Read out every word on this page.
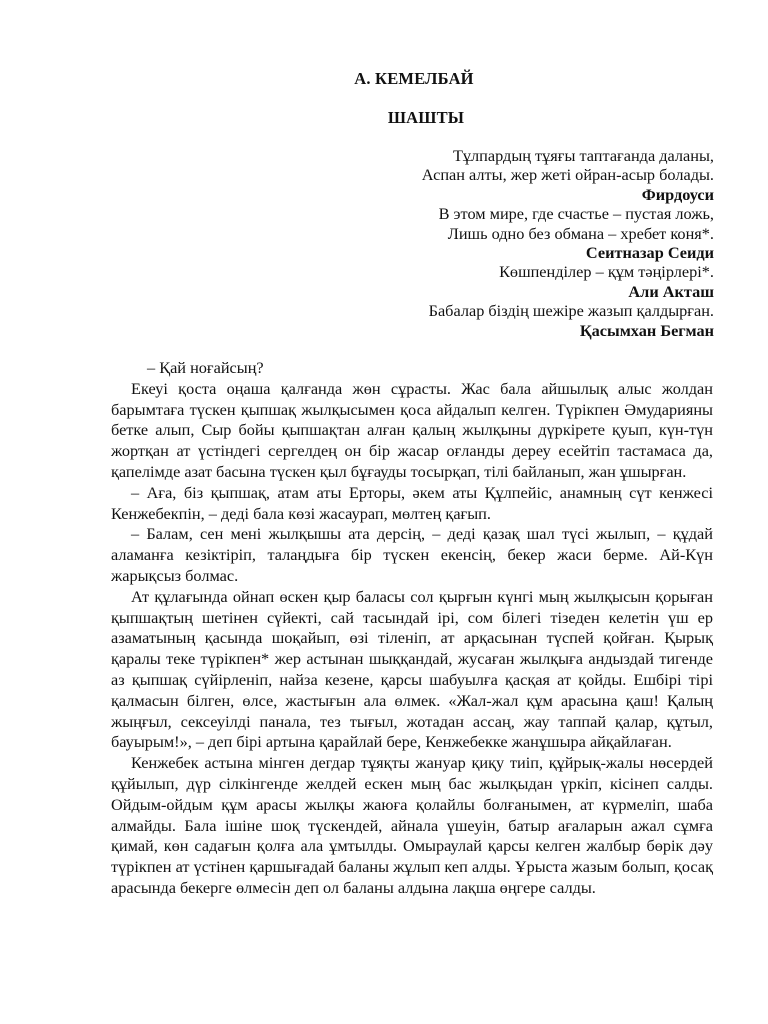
А. КЕМЕЛБАЙ
ШАШТЫ
Тұлпардың тұяғы таптағанда даланы,
Аспан алты, жер жеті ойран-асыр болады.
Фирдоуси
В этом мире, где счастье – пустая ложь,
Лишь одно без обмана – хребет коня*.
Сеитназар Сеиди
Көшпенділер – құм тәңірлері*.
Али Акташ
Бабалар біздің шежіре жазып қалдырған.
Қасымхан Бегман

– Қай ноғайсың?

Екеуі қоста оңаша қалғанда жөн сұрасты. Жас бала айшылық алыс жолдан барымтаға түскен қыпшақ жылқысымен қоса айдалып келген. Түрікпен Әмударияны бетке алып, Сыр бойы қыпшақтан алған қалың жылқыны дүркірете қуып, күн-түн жортқан ат үстіндегі сергелдең он бір жасар оғланды дереу есейтіп тастамаса да, қапелімде азат басына түскен қыл бұғауды тосырқап, тілі байланып, жан ұшырған.

– Аға, біз қыпшақ, атам аты Ерторы, әкем аты Құлпейіс, анамның сүт кенжесі Кенжебекпін, – деді бала көзі жасаурап, мөлтең қағып.

– Балам, сен мені жылқышы ата дерсің, – деді қазақ шал түсі жылып, – құдай аламанға кезіктіріп, талаңдыға бір түскен екенсің, бекер жаси берме. Ай-Күн жарықсыз болмас.

Ат құлағында ойнап өскен қыр баласы сол қырғын күнгі мың жылқысын қорыған қыпшақтың шетінен сүйекті, сай тасындай ірі, сом білегі тізеден келетін үш ер азаматының қасында шоқайып, өзі тіленіп, ат арқасынан түспей қойған. Қырық қаралы теке түрікпен* жер астынан шыққандай, жусаған жылқыға андыздай тигенде аз қыпшақ сүйірленіп, найза кезене, қарсы шабуылға қасқая ат қойды. Ешбірі тірі қалмасын білген, өлсе, жастығын ала өлмек. «Жал-жал құм арасына қаш! Қалың жыңғыл, сексеуілді панала, тез тығыл, жотадан ассаң, жау таппай қалар, құтыл, бауырым!», – деп бірі артына қарайлай бере, Кенжебекке жанұшыра айқайлаған.

Кенжебек астына мінген дегдар тұяқты жануар қиқу тиіп, құйрық-жалы нөсердей құйылып, дүр сілкінгенде желдей ескен мың бас жылқыдан үркіп, кісінеп салды. Ойдым-ойдым құм арасы жылқы жаюға қолайлы болғанымен, ат күрмеліп, шаба алмайды. Бала ішіне шоқ түскендей, айнала үшеуін, батыр ағаларын ажал сұмға қимай, көн садағын қолға ала ұмтылды. Омыраулай қарсы келген жалбыр бөрік дәу түрікпен ат үстінен қаршығадай баланы жұлып кеп алды. Ұрыста жазым болып, қосақ арасында бекерге өлмесін деп ол баланы алдына лақша өңгере салды.
